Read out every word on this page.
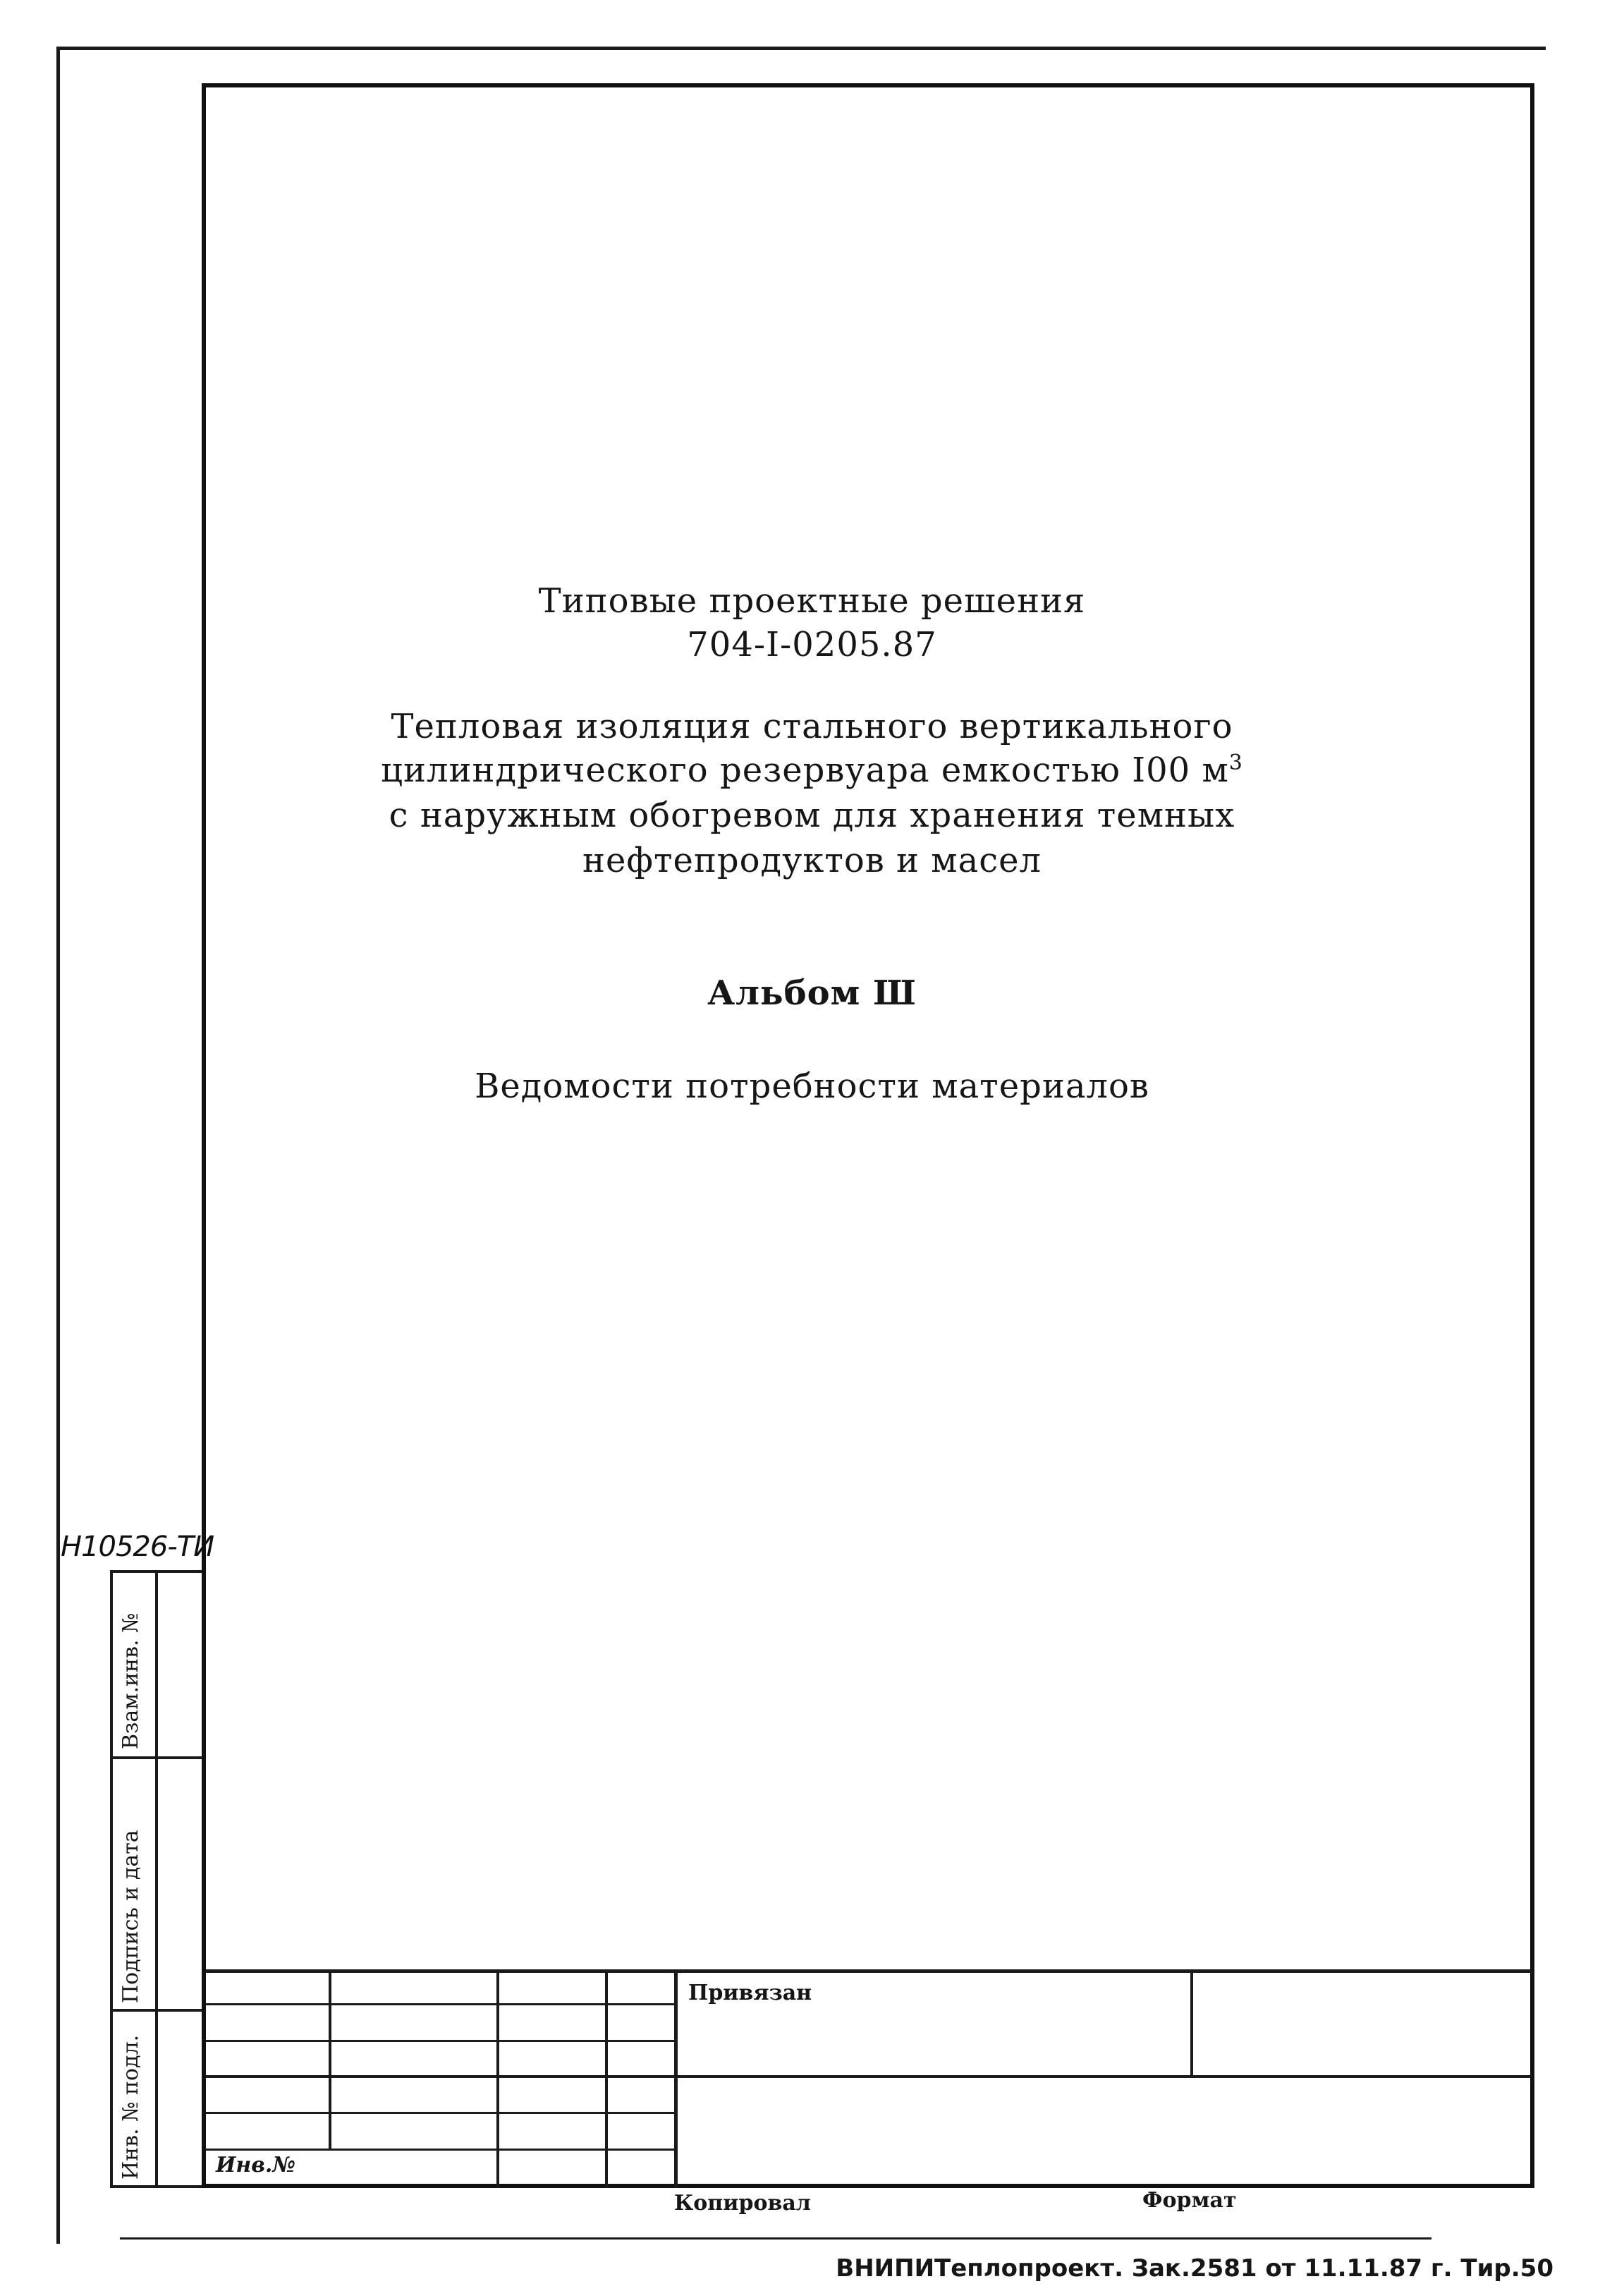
Типовые проектные решения
704-I-0205.87
Тепловая изоляция стального вертикального
цилиндрического резервуара емкостью I00 $м^3$
с наружным обогревом для хранения темных
нефтепродуктов и масел
Альбом Ш
Ведомости потребности материалов
Н10526-ТИ
Взам.инв. №
Подпись и дата
Инв. № подл.
Привязан
Инв.№
Копировал	Формат
ВНИПИТеплопроект. Зак.2581 от 11.11.87 г. Тир.50
